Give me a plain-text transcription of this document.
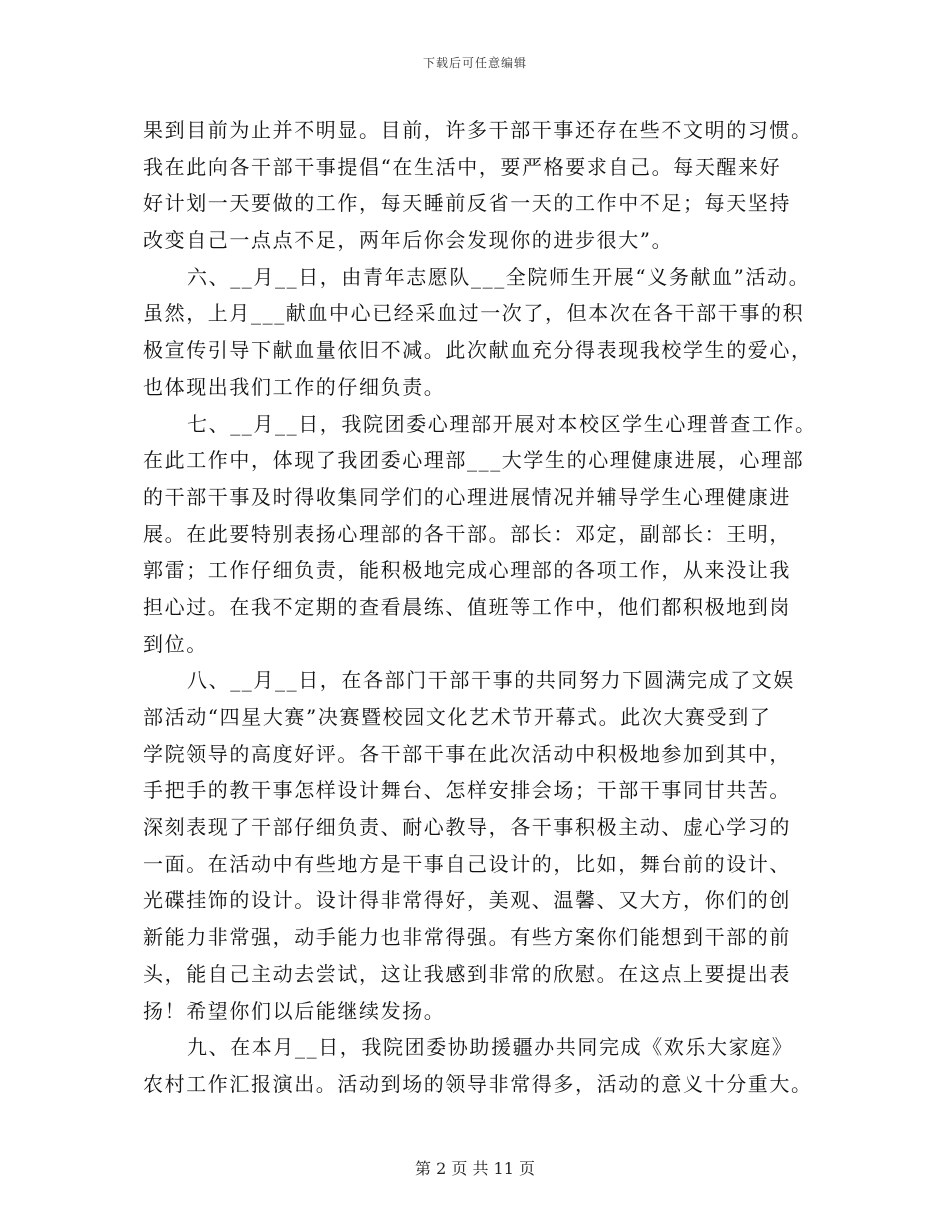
下载后可任意编辑
果到目前为止并不明显。目前，许多干部干事还存在些不文明的习惯。
我在此向各干部干事提倡“在生活中，要严格要求自己。每天醒来好
好计划一天要做的工作，每天睡前反省一天的工作中不足；每天坚持
改变自己一点点不足，两年后你会发现你的进步很大”。
六、__月__日，由青年志愿队___全院师生开展“义务献血”活动。
虽然，上月___献血中心已经采血过一次了，但本次在各干部干事的积
极宣传引导下献血量依旧不减。此次献血充分得表现我校学生的爱心，
也体现出我们工作的仔细负责。
七、__月__日，我院团委心理部开展对本校区学生心理普查工作。
在此工作中，体现了我团委心理部___大学生的心理健康进展，心理部
的干部干事及时得收集同学们的心理进展情况并辅导学生心理健康进
展。在此要特别表扬心理部的各干部。部长：邓定，副部长：王明，
郭雷；工作仔细负责，能积极地完成心理部的各项工作，从来没让我
担心过。在我不定期的查看晨练、值班等工作中，他们都积极地到岗
到位。
八、__月__日，在各部门干部干事的共同努力下圆满完成了文娱
部活动“四星大赛”决赛暨校园文化艺术节开幕式。此次大赛受到了
学院领导的高度好评。各干部干事在此次活动中积极地参加到其中，
手把手的教干事怎样设计舞台、怎样安排会场；干部干事同甘共苦。
深刻表现了干部仔细负责、耐心教导，各干事积极主动、虚心学习的
一面。在活动中有些地方是干事自己设计的，比如，舞台前的设计、
光碟挂饰的设计。设计得非常得好，美观、温馨、又大方，你们的创
新能力非常强，动手能力也非常得强。有些方案你们能想到干部的前
头，能自己主动去尝试，这让我感到非常的欣慰。在这点上要提出表
扬！希望你们以后能继续发扬。
九、在本月__日，我院团委协助援疆办共同完成《欢乐大家庭》
农村工作汇报演出。活动到场的领导非常得多，活动的意义十分重大。
第 2 页 共 11 页
